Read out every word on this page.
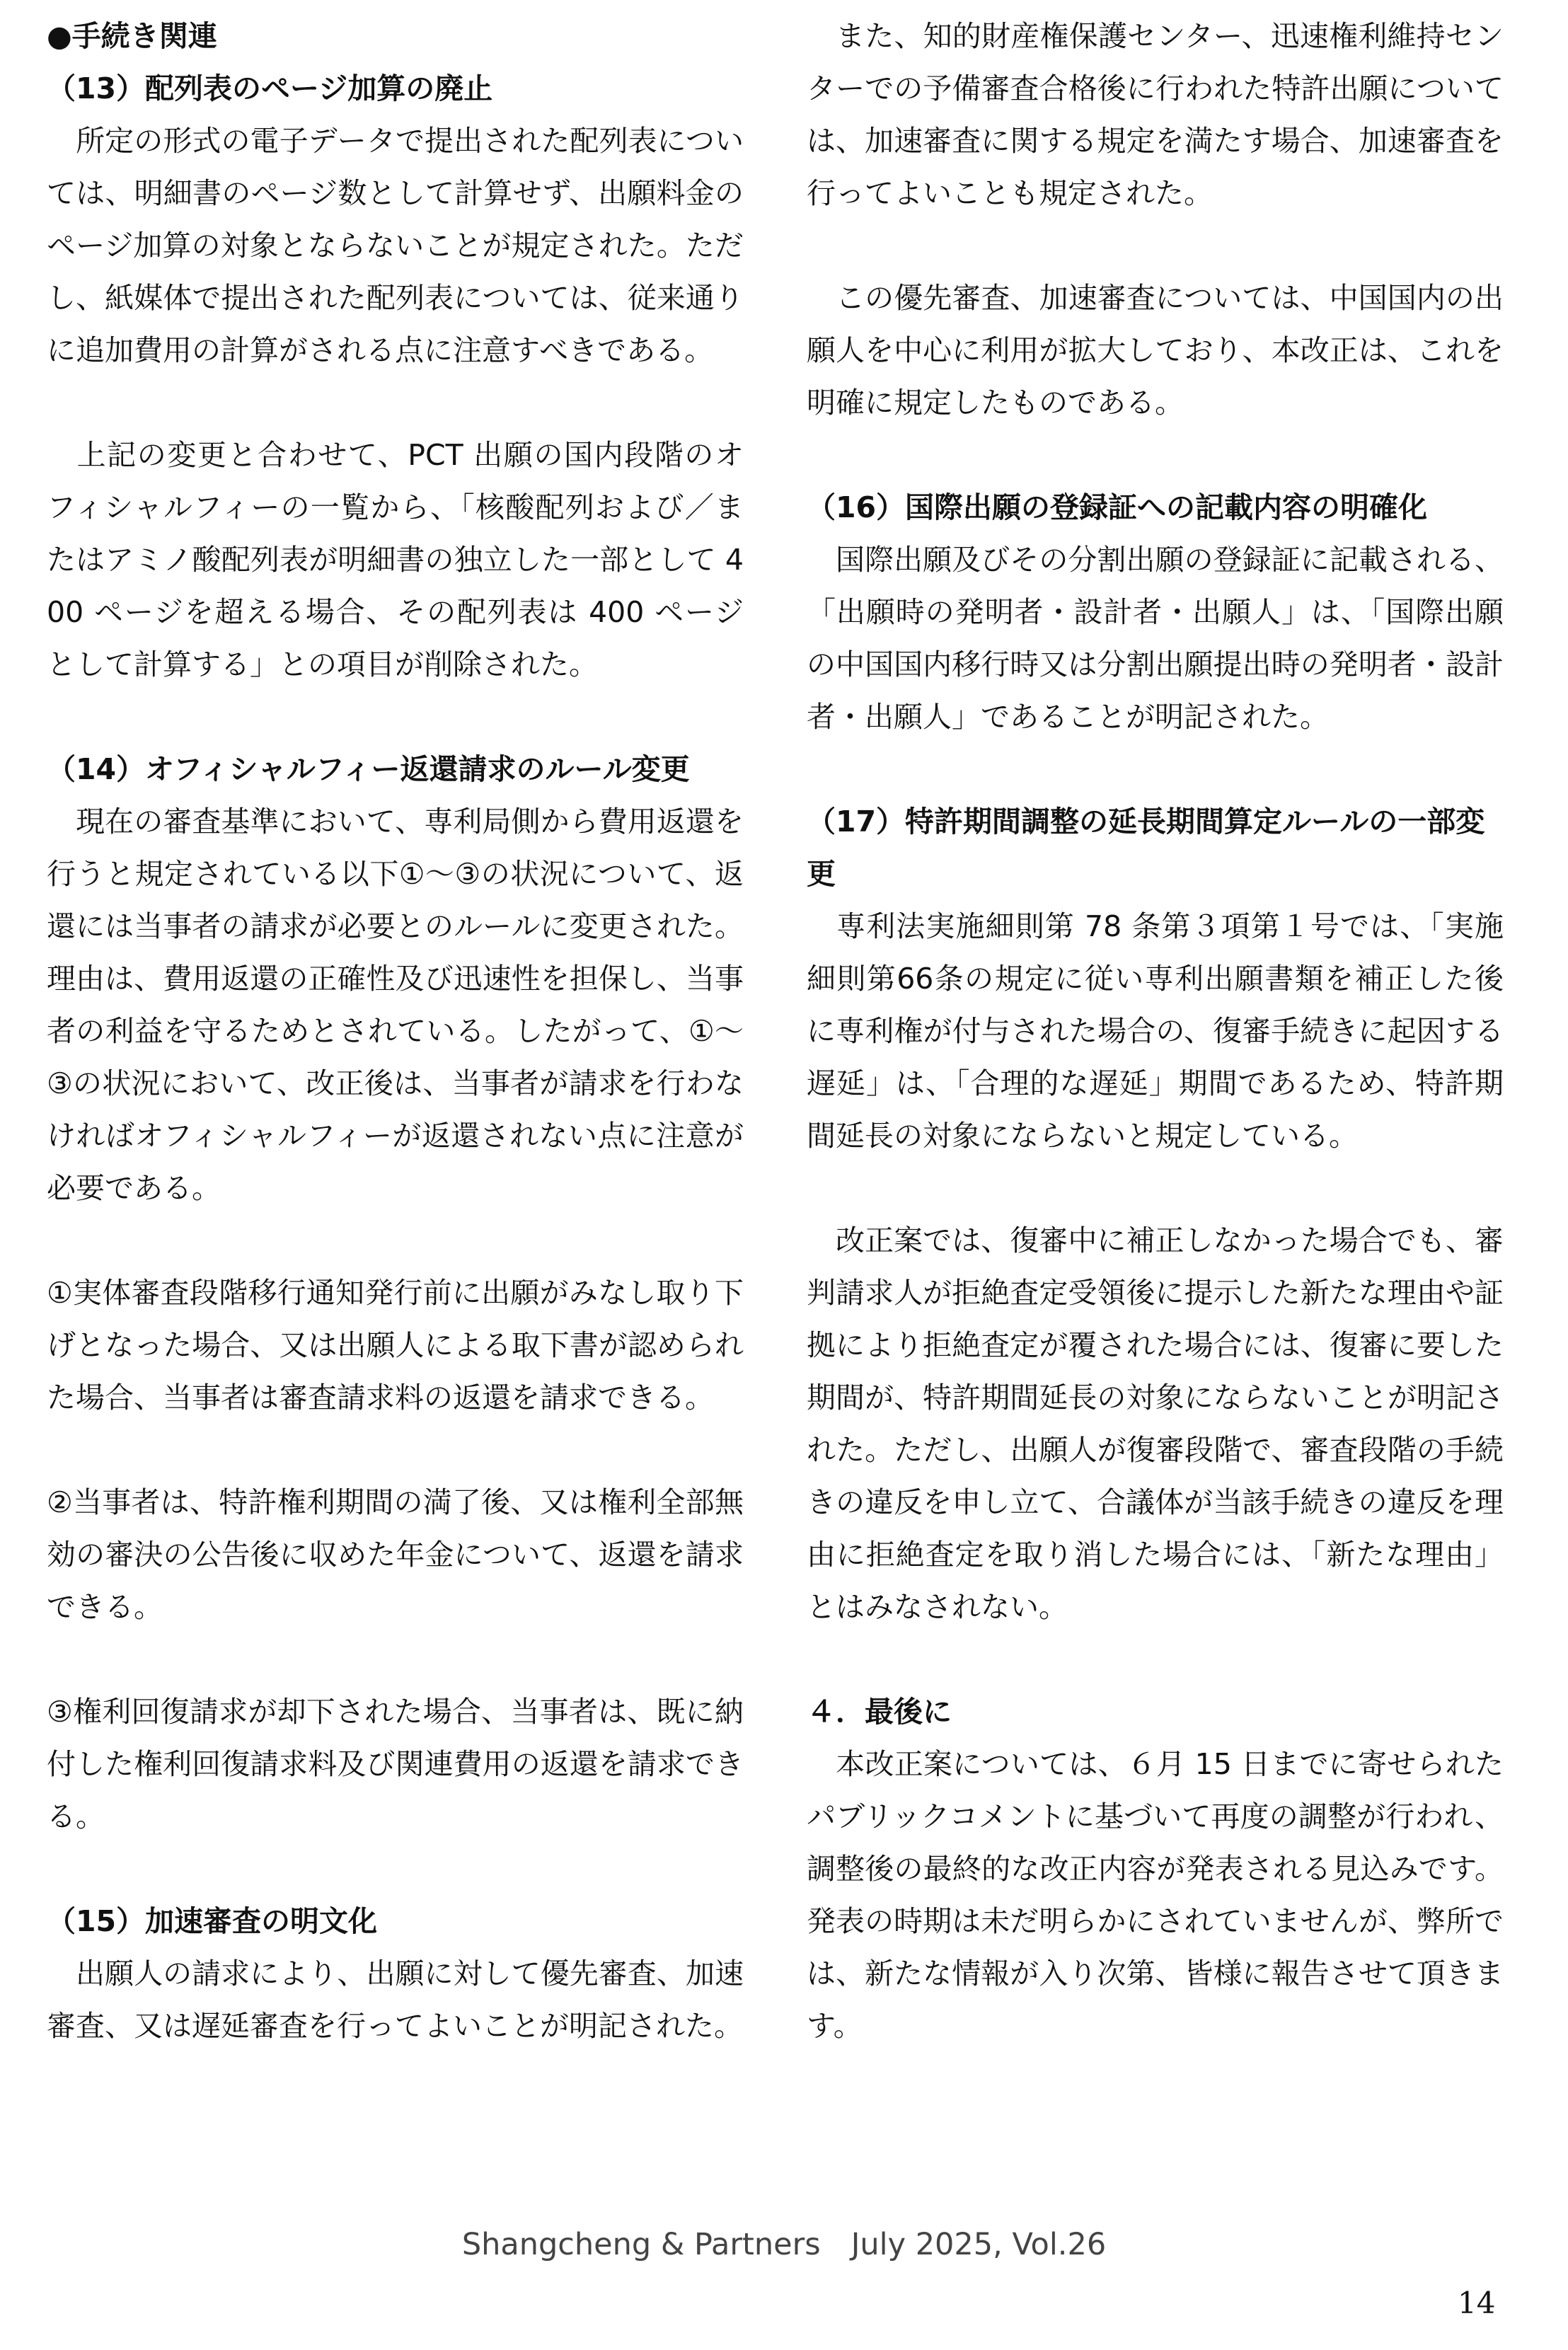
●手続き関連

（13）配列表のページ加算の廃止

　所定の形式の電子データで提出された配列表については、明細書のページ数として計算せず、出願料金のページ加算の対象とならないことが規定された。ただし、紙媒体で提出された配列表については、従来通りに追加費用の計算がされる点に注意すべきである。

　上記の変更と合わせて、PCT 出願の国内段階のオフィシャルフィーの一覧から、「核酸配列および／またはアミノ酸配列表が明細書の独立した一部として 400 ページを超える場合、その配列表は 400 ページとして計算する」との項目が削除された。

（14）オフィシャルフィー返還請求のルール変更

　現在の審査基準において、専利局側から費用返還を行うと規定されている以下①～③の状況について、返還には当事者の請求が必要とのルールに変更された。理由は、費用返還の正確性及び迅速性を担保し、当事者の利益を守るためとされている。したがって、①～③の状況において、改正後は、当事者が請求を行わなければオフィシャルフィーが返還されない点に注意が必要である。

①実体審査段階移行通知発行前に出願がみなし取り下げとなった場合、又は出願人による取下書が認められた場合、当事者は審査請求料の返還を請求できる。

②当事者は、特許権利期間の満了後、又は権利全部無効の審決の公告後に収めた年金について、返還を請求できる。

③権利回復請求が却下された場合、当事者は、既に納付した権利回復請求料及び関連費用の返還を請求できる。

（15）加速審査の明文化

　出願人の請求により、出願に対して優先審査、加速審査、又は遅延審査を行ってよいことが明記された。

　また、知的財産権保護センター、迅速権利維持センターでの予備審査合格後に行われた特許出願については、加速審査に関する規定を満たす場合、加速審査を行ってよいことも規定された。

　この優先審査、加速審査については、中国国内の出願人を中心に利用が拡大しており、本改正は、これを明確に規定したものである。

（16）国際出願の登録証への記載内容の明確化

　国際出願及びその分割出願の登録証に記載される、「出願時の発明者・設計者・出願人」は、「国際出願の中国国内移行時又は分割出願提出時の発明者・設計者・出願人」であることが明記された。

（17）特許期間調整の延長期間算定ルールの一部変更

　専利法実施細則第 78 条第３項第１号では、「実施細則第66条の規定に従い専利出願書類を補正した後に専利権が付与された場合の、復審手続きに起因する遅延」は、「合理的な遅延」期間であるため、特許期間延長の対象にならないと規定している。

　改正案では、復審中に補正しなかった場合でも、審判請求人が拒絶査定受領後に提示した新たな理由や証拠により拒絶査定が覆された場合には、復審に要した期間が、特許期間延長の対象にならないことが明記された。ただし、出願人が復審段階で、審査段階の手続きの違反を申し立て、合議体が当該手続きの違反を理由に拒絶査定を取り消した場合には、「新たな理由」とはみなされない。

４．最後に

　本改正案については、６月 15 日までに寄せられたパブリックコメントに基づいて再度の調整が行われ、調整後の最終的な改正内容が発表される見込みです。発表の時期は未だ明らかにされていませんが、弊所では、新たな情報が入り次第、皆様に報告させて頂きます。

Shangcheng & Partners　July 2025, Vol.26
14
